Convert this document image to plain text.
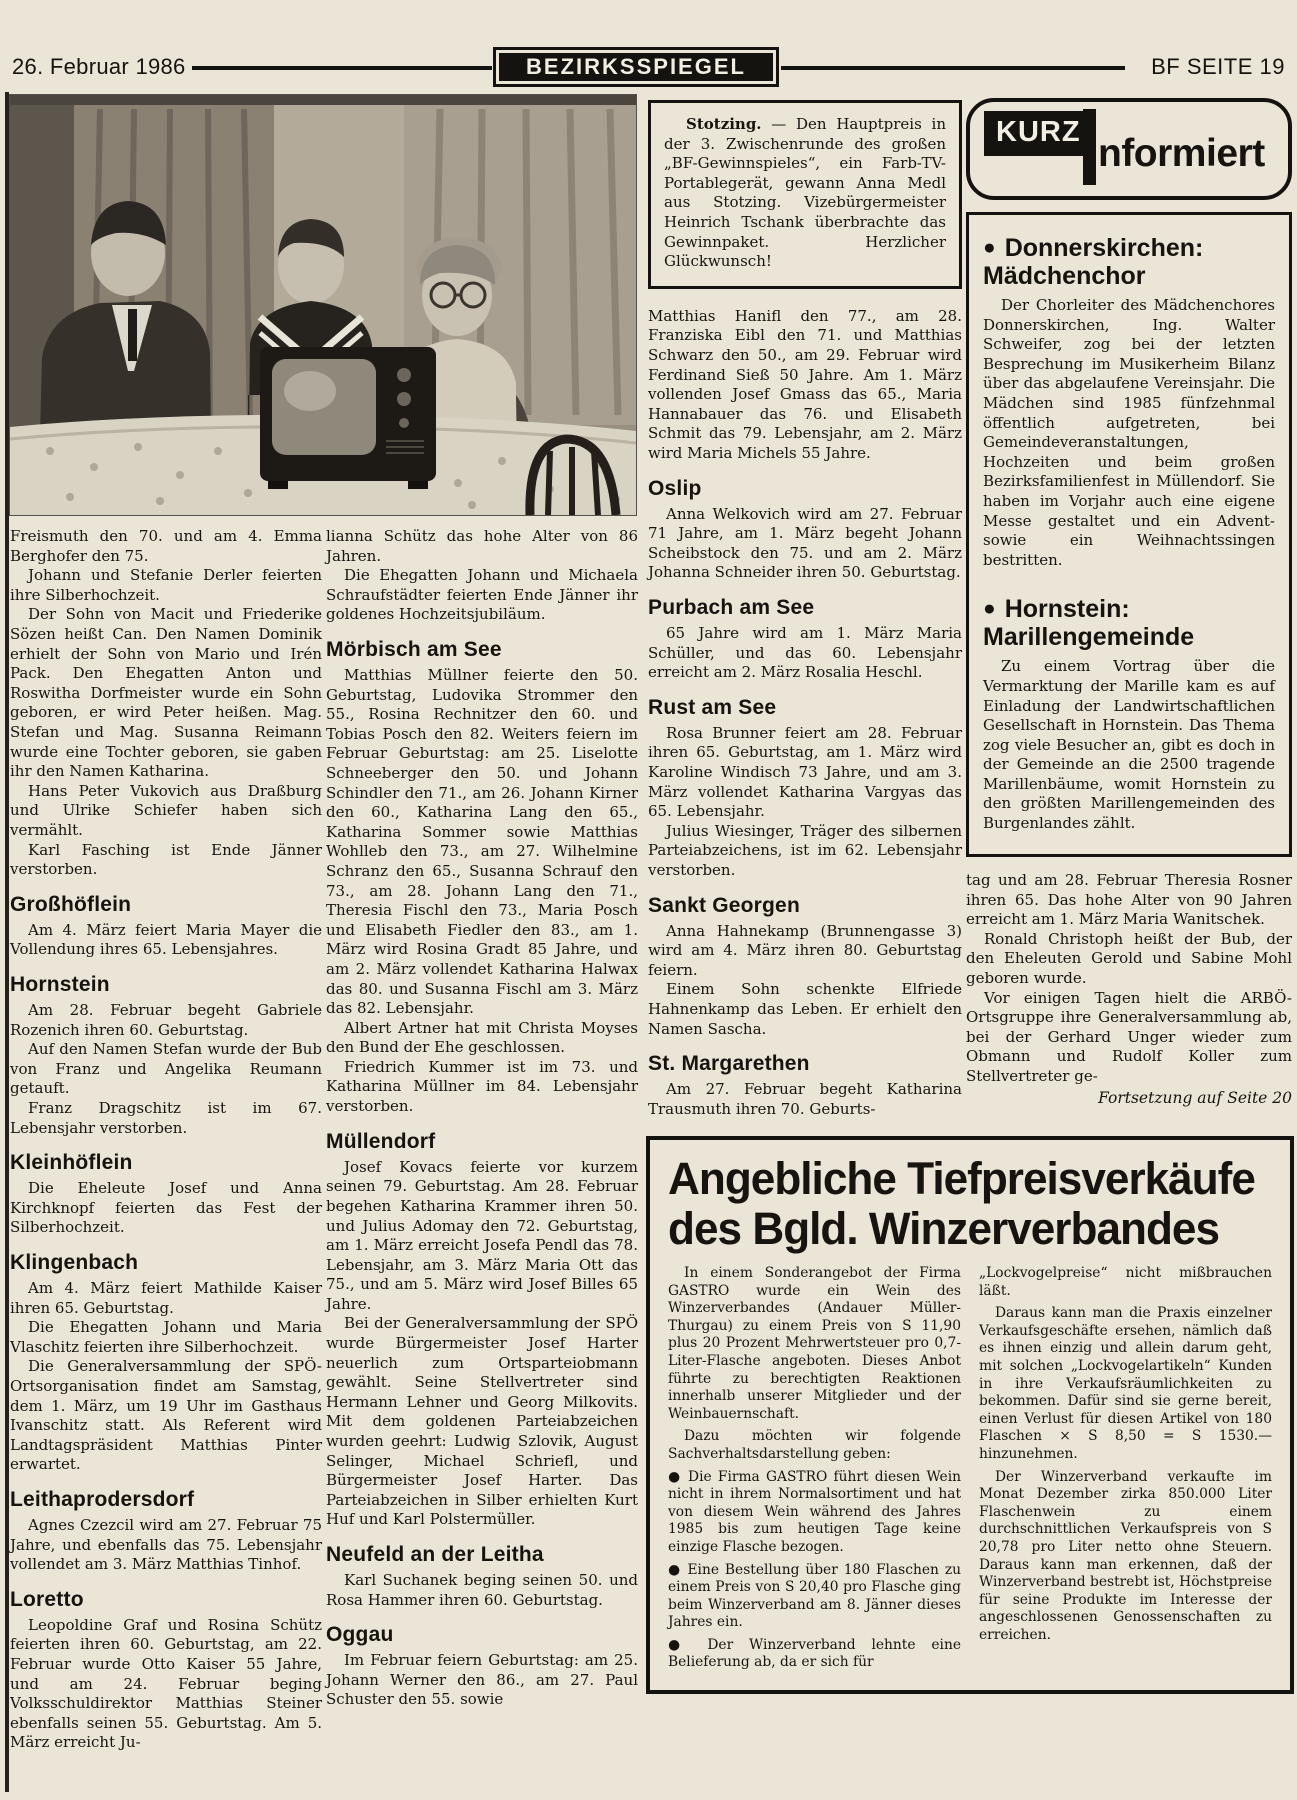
26. Februar 1986	BEZIRKSSPIEGEL	BF SEITE 19

Freismuth den 70. und am 4. Emma Berghofer den 75.

Johann und Stefanie Derler feierten ihre Silberhochzeit.

Der Sohn von Macit und Friederike Sözen heißt Can. Den Namen Dominik erhielt der Sohn von Mario und Irén Pack. Den Ehegatten Anton und Roswitha Dorfmeister wurde ein Sohn geboren, er wird Peter heißen. Mag. Stefan und Mag. Susanna Reimann wurde eine Tochter geboren, sie gaben ihr den Namen Katharina.

Hans Peter Vukovich aus Draßburg und Ulrike Schiefer haben sich vermählt.

Karl Fasching ist Ende Jänner verstorben.

Großhöflein

Am 4. März feiert Maria Mayer die Vollendung ihres 65. Lebensjahres.

Hornstein

Am 28. Februar begeht Gabriele Rozenich ihren 60. Geburtstag.

Auf den Namen Stefan wurde der Bub von Franz und Angelika Reumann getauft.

Franz Dragschitz ist im 67. Lebensjahr verstorben.

Kleinhöflein

Die Eheleute Josef und Anna Kirchknopf feierten das Fest der Silberhochzeit.

Klingenbach

Am 4. März feiert Mathilde Kaiser ihren 65. Geburtstag.

Die Ehegatten Johann und Maria Vlaschitz feierten ihre Silberhochzeit.

Die Generalversammlung der SPÖ-Ortsorganisation findet am Samstag, dem 1. März, um 19 Uhr im Gasthaus Ivanschitz statt. Als Referent wird Landtagspräsident Matthias Pinter erwartet.

Leithaprodersdorf

Agnes Czezcil wird am 27. Februar 75 Jahre, und ebenfalls das 75. Lebensjahr vollendet am 3. März Matthias Tinhof.

Loretto

Leopoldine Graf und Rosina Schütz feierten ihren 60. Geburtstag, am 22. Februar wurde Otto Kaiser 55 Jahre, und am 24. Februar beging Volksschuldirektor Matthias Steiner ebenfalls seinen 55. Geburtstag. Am 5. März erreicht Ju-

lianna Schütz das hohe Alter von 86 Jahren.

Die Ehegatten Johann und Michaela Schraufstädter feierten Ende Jänner ihr goldenes Hochzeitsjubiläum.

Mörbisch am See

Matthias Müllner feierte den 50. Geburtstag, Ludovika Strommer den 55., Rosina Rechnitzer den 60. und Tobias Posch den 82. Weiters feiern im Februar Geburtstag: am 25. Liselotte Schneeberger den 50. und Johann Schindler den 71., am 26. Johann Kirner den 60., Katharina Lang den 65., Katharina Sommer sowie Matthias Wohlleb den 73., am 27. Wilhelmine Schranz den 65., Susanna Schrauf den 73., am 28. Johann Lang den 71., Theresia Fischl den 73., Maria Posch und Elisabeth Fiedler den 83., am 1. März wird Rosina Gradt 85 Jahre, und am 2. März vollendet Katharina Halwax das 80. und Susanna Fischl am 3. März das 82. Lebensjahr.

Albert Artner hat mit Christa Moyses den Bund der Ehe geschlossen.

Friedrich Kummer ist im 73. und Katharina Müllner im 84. Lebensjahr verstorben.

Müllendorf

Josef Kovacs feierte vor kurzem seinen 79. Geburtstag. Am 28. Februar begehen Katharina Krammer ihren 50. und Julius Adomay den 72. Geburtstag, am 1. März erreicht Josefa Pendl das 78. Lebensjahr, am 3. März Maria Ott das 75., und am 5. März wird Josef Billes 65 Jahre.

Bei der Generalversammlung der SPÖ wurde Bürgermeister Josef Harter neuerlich zum Ortsparteiobmann gewählt. Seine Stellvertreter sind Hermann Lehner und Georg Milkovits. Mit dem goldenen Parteiabzeichen wurden geehrt: Ludwig Szlovik, August Selinger, Michael Schriefl, und Bürgermeister Josef Harter. Das Parteiabzeichen in Silber erhielten Kurt Huf und Karl Polstermüller.

Neufeld an der Leitha

Karl Suchanek beging seinen 50. und Rosa Hammer ihren 60. Geburtstag.

Oggau

Im Februar feiern Geburtstag: am 25. Johann Werner den 86., am 27. Paul Schuster den 55. sowie

Stotzing. — Den Hauptpreis in der 3. Zwischenrunde des großen „BF-Gewinnspieles“, ein Farb-TV-Portablegerät, gewann Anna Medl aus Stotzing. Vizebürgermeister Heinrich Tschank überbrachte das Gewinnpaket. Herzlicher Glückwunsch!

Matthias Hanifl den 77., am 28. Franziska Eibl den 71. und Matthias Schwarz den 50., am 29. Februar wird Ferdinand Sieß 50 Jahre. Am 1. März vollenden Josef Gmass das 65., Maria Hannabauer das 76. und Elisabeth Schmit das 79. Lebensjahr, am 2. März wird Maria Michels 55 Jahre.

Oslip

Anna Welkovich wird am 27. Februar 71 Jahre, am 1. März begeht Johann Scheibstock den 75. und am 2. März Johanna Schneider ihren 50. Geburtstag.

Purbach am See

65 Jahre wird am 1. März Maria Schüller, und das 60. Lebensjahr erreicht am 2. März Rosalia Heschl.

Rust am See

Rosa Brunner feiert am 28. Februar ihren 65. Geburtstag, am 1. März wird Karoline Windisch 73 Jahre, und am 3. März vollendet Katharina Vargyas das 65. Lebensjahr.

Julius Wiesinger, Träger des silbernen Parteiabzeichens, ist im 62. Lebensjahr verstorben.

Sankt Georgen

Anna Hahnekamp (Brunnengasse 3) wird am 4. März ihren 80. Geburtstag feiern.

Einem Sohn schenkte Elfriede Hahnenkamp das Leben. Er erhielt den Namen Sascha.

St. Margarethen

Am 27. Februar begeht Katharina Trausmuth ihren 70. Geburts-

KURZ nformiert
● Donnerskirchen:
Mädchenchor

Der Chorleiter des Mädchenchores Donnerskirchen, Ing. Walter Schweifer, zog bei der letzten Besprechung im Musikerheim Bilanz über das abgelaufene Vereinsjahr. Die Mädchen sind 1985 fünfzehnmal öffentlich aufgetreten, bei Gemeindeveranstaltungen, Hochzeiten und beim großen Bezirksfamilienfest in Müllendorf. Sie haben im Vorjahr auch eine eigene Messe gestaltet und ein Advent- sowie ein Weihnachtssingen bestritten.

● Hornstein:
Marillengemeinde

Zu einem Vortrag über die Vermarktung der Marille kam es auf Einladung der Landwirtschaftlichen Gesellschaft in Hornstein. Das Thema zog viele Besucher an, gibt es doch in der Gemeinde an die 2500 tragende Marillenbäume, womit Hornstein zu den größten Marillengemeinden des Burgenlandes zählt.

tag und am 28. Februar Theresia Rosner ihren 65. Das hohe Alter von 90 Jahren erreicht am 1. März Maria Wanitschek.

Ronald Christoph heißt der Bub, der den Eheleuten Gerold und Sabine Mohl geboren wurde.

Vor einigen Tagen hielt die ARBÖ-Ortsgruppe ihre Generalversammlung ab, bei der Gerhard Unger wieder zum Obmann und Rudolf Koller zum Stellvertreter ge-

Fortsetzung auf Seite 20
Angebliche Tiefpreisverkäufe
des Bgld. Winzerverbandes

In einem Sonderangebot der Firma GASTRO wurde ein Wein des Winzerverbandes (Andauer Müller-Thurgau) zu einem Preis von S 11,90 plus 20 Prozent Mehrwertsteuer pro 0,7-Liter-Flasche angeboten. Dieses Anbot führte zu berechtigten Reaktionen innerhalb unserer Mitglieder und der Weinbauernschaft.

Dazu möchten wir folgende Sachverhaltsdarstellung geben:

● Die Firma GASTRO führt diesen Wein nicht in ihrem Normalsortiment und hat von diesem Wein während des Jahres 1985 bis zum heutigen Tage keine einzige Flasche bezogen.

● Eine Bestellung über 180 Flaschen zu einem Preis von S 20,40 pro Flasche ging beim Winzerverband am 8. Jänner dieses Jahres ein.

● Der Winzerverband lehnte eine Belieferung ab, da er sich für

„Lockvogelpreise“ nicht mißbrauchen läßt.

Daraus kann man die Praxis einzelner Verkaufsgeschäfte ersehen, nämlich daß es ihnen einzig und allein darum geht, mit solchen „Lockvogelartikeln“ Kunden in ihre Verkaufsräumlichkeiten zu bekommen. Dafür sind sie gerne bereit, einen Verlust für diesen Artikel von 180 Flaschen × S 8,50 = S 1530.— hinzunehmen.

Der Winzerverband verkaufte im Monat Dezember zirka 850.000 Liter Flaschenwein zu einem durchschnittlichen Verkaufspreis von S 20,78 pro Liter netto ohne Steuern. Daraus kann man erkennen, daß der Winzerverband bestrebt ist, Höchstpreise für seine Produkte im Interesse der angeschlossenen Genossenschaften zu erreichen.
